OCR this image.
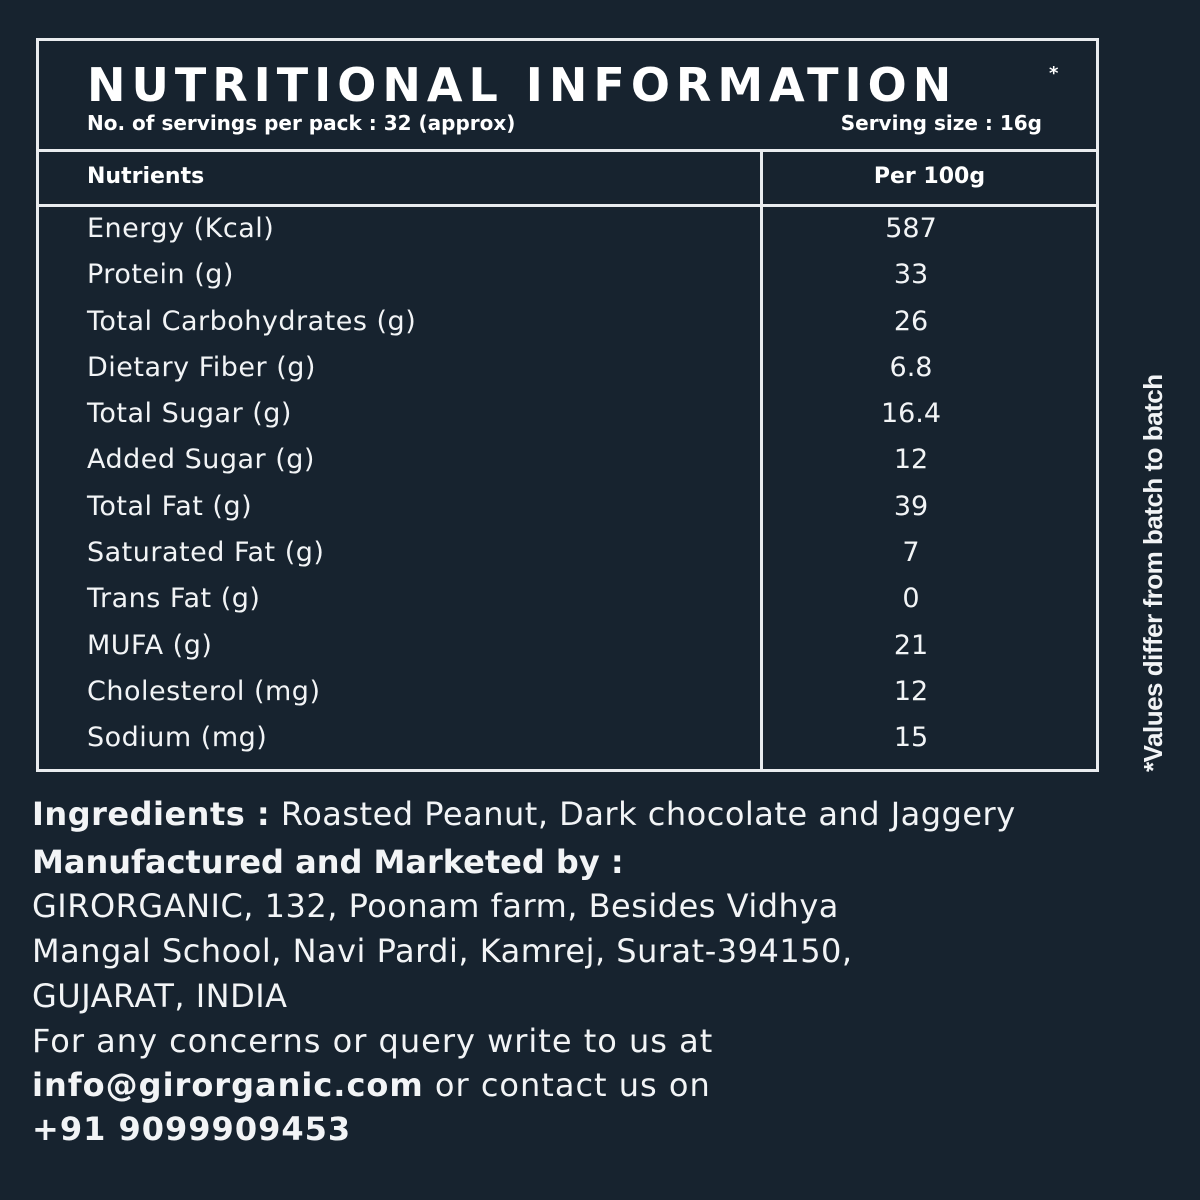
NUTRITIONAL INFORMATION	*
No. of servings per pack : 32 (approx)	Serving size : 16g
Nutrients	Per 100g
Energy (Kcal)	587
Protein (g)	33
Total Carbohydrates (g)	26
Dietary Fiber (g)	6.8
Total Sugar (g)	16.4
Added Sugar (g)	12
Total Fat (g)	39
Saturated Fat (g)	7
Trans Fat (g)	0
MUFA (g)	21
Cholesterol (mg)	12
Sodium (mg)	15	*Values differ from batch to batch

Ingredients : Roasted Peanut, Dark chocolate and Jaggery

Manufactured and Marketed by :

GIRORGANIC, 132, Poonam farm, Besides Vidhya

Mangal School, Navi Pardi, Kamrej, Surat-394150,

GUJARAT, INDIA

For any concerns or query write to us at

info@girorganic.com or contact us on

+91 9099909453
